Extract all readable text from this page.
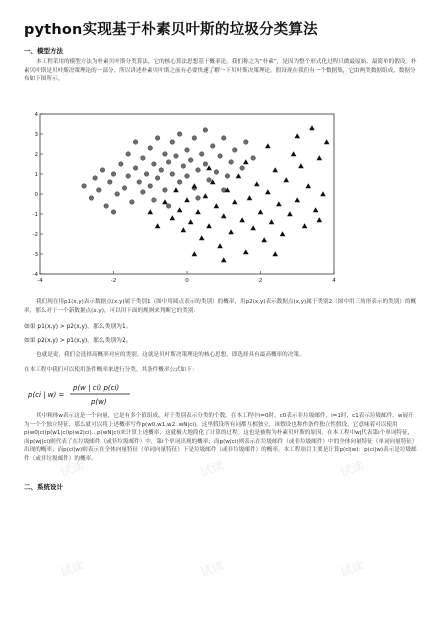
试读	试读	试读
试读	试读	试读
试读	试读	试读
python实现基于朴素贝叶斯的垃圾分类算法
一、模型方法
本工程采用的模型方法为朴素贝叶斯分类算法，它的核心算法思想基于概率论。我们称之为“朴素”，是因为整个形式化过程只做最原始、最简单的假设。朴素贝叶斯是贝叶斯决策理论的一部分，所以讲述朴素贝叶斯之前有必要快速了解一下贝叶斯决策理论。假设现在我们有一个数据集，它由两类数据组成，数据分布如下图所示。
-4	-2	0	2	4
4
3
2
1
0
-1
-2
-3
-4
我们现在用p1(x,y)表示数据点(x,y)属于类别1（图中用圆点表示的类别）的概率，用p2(x,y)表示数据点(x,y)属于类别2（图中用三角形表示的类别）的概率，那么对于一个新数据点(x,y)，可以用下面的规则来判断它的类别：
如果 p1(x,y) > p2(x,y)，那么类别为1。
如果 p2(x,y) > p1(x,y)，那么类别为2。
也就是说，我们会选择高概率对应的类别。这就是贝叶斯决策理论的核心思想，即选择具有最高概率的决策。
在本工程中我们可以使用条件概率来进行分类。其条件概率公式如下：
p(ci | w) =
p(w | ci) p(ci)
p(w)
其中粗体w表示这是一个向量，它是有多个值组成。对于类别表示分类的个数，在本工程中i=0时，c0表示非垃圾邮件，i=1时，c1表示垃圾邮件。w展开为一个个独立特征，那么就可以将上述概率写作p(w0,w1,w2..wN|ci)。这里假设所有词都互相独立，该假设也称作条件独立性假设，它意味着可以使用p(w0|ci)p(w1|ci)p(w2|ci)...p(wN|ci)来计算上述概率，这就极大地简化了计算的过程。这也是被称为朴素贝叶斯的原因。在本工程中wj代表第i个单词特征，而p(wj|ci)则代表了在垃圾邮件（或非垃圾邮件）中，第i个单词出现的概率；而p(w|ci)则表示在垃圾邮件（或非垃圾邮件）中的全体向量特征（单词向量特征）出现的概率；而p(ci|w)则表示在全体向量特征（单词向量特征）下是垃圾邮件（或非垃圾邮件）的概率。本工程项目主要是计算p(ci|w)：p(ci|w)表示是垃圾邮件（或非垃圾邮件）的概率。
二、系统设计
